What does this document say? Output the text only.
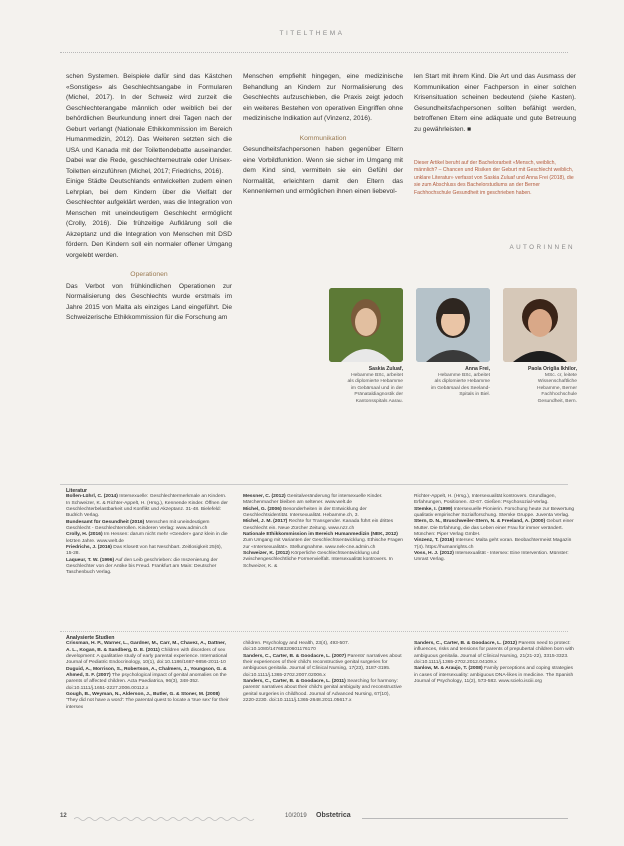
TITELTHEMA

schen Systemen. Beispiele dafür sind das Kästchen «Sonstiges» als Geschlechtsangabe in Formularen (Michel, 2017). In der Schweiz wird zurzeit die Geschlechterangabe männlich oder weiblich bei der behördlichen Beurkundung innert drei Tagen nach der Geburt verlangt (Nationale Ethikkommission im Bereich Humanmedizin, 2012). Das Weiteren setzten sich die USA und Kanada mit der Toilettendebatte auseinander. Dabei war die Rede, geschlechterneutrale oder Unisex-Toiletten einzuführen (Michel, 2017; Friedrichs, 2016).

Einige Städte Deutschlands entwickelten zudem einen Lehrplan, bei dem Kindern über die Vielfalt der Geschlechter aufgeklärt werden, was die Integration von Menschen mit uneindeutigem Geschlecht ermöglicht (Crolly, 2016). Die frühzeitige Aufklärung soll die Akzeptanz und die Integration von Menschen mit DSD fördern. Den Kindern soll ein normaler offener Umgang vorgelebt werden.

Operationen

Das Verbot von frühkindlichen Operationen zur Normalisierung des Geschlechts wurde erstmals im Jahre 2015 von Malta als einziges Land eingeführt. Die Schweizerische Ethikkommission für die Forschung am

Menschen empfiehlt hingegen, eine medizinische Behandlung an Kindern zur Normalisierung des Geschlechts aufzuschieben, die Praxis zeigt jedoch ein weiteres Bestehen von operativen Eingriffen ohne medizinische Indikation auf (Vinzenz, 2016).

Kommunikation

Gesundheitsfachpersonen haben gegenüber Eltern eine Vorbildfunktion. Wenn sie sicher im Umgang mit dem Kind sind, vermitteln sie ein Gefühl der Normalität, erleichtern damit den Eltern das Kennenlernen und ermöglichen ihnen einen liebevol-

len Start mit ihrem Kind. Die Art und das Ausmass der Kommunikation einer Fachperson in einer solchen Krisensituation scheinen bedeutend (siehe Kasten). Gesundheitsfachpersonen sollten befähigt werden, betroffenen Eltern eine adäquate und gute Betreuung zu gewährleisten. ■

Dieser Artikel beruht auf der Bachelorarbeit «Mensch, weiblich, männlich? – Chancen und Risiken der Geburt mit Geschlecht weiblich, unklare Literatur» verfasst von Saskia Zuluaf und Anna Frei (2018), die sie zum Abschluss des Bachelorstudiums an der Berner Fachhochschule Gesundheit im geschrieben haben.
AUTORINNEN
Saskia Zuluaf,
Hebamme BSc, arbeitet
als diplomierte Hebamme
im Gebärsaal und in der
Pränataldiagnostik der
Kantonsspitals Aarau.
Anna Frei,
Hebamme BSc, arbeitet
als diplomierte Hebamme
im Gebärsaal des Seeland-
Spitals in Biel.
Paola Origlia Ikhilor,
MSc. cr, leitete
Wissenschaftliche
Hebamme, Berner
Fachhochschule
Gesundheit, Bern.
Literatur

Bollen-Lührl, C. (2014) Intersexuelle: Geschlechtermerkmale an Kindern. In Schweizer, K. & Richter-Appelt, H. (Hrsg.), Kennende Kinder. Öffnen der Geschlechterbelastbarkeit und Konflikt und Akzeptanz. 31-48. Bielefeld: Budrich Verlag.

Bundesamt für Gesundheit (2016) Menschen mit uneindeutigem Geschlecht - Geschlechterrollen. Kinderen Verlag: www.admin.ch

Crolly, H. (2016) Im Hessen: darum nicht mehr «Gender» ganz klein in die letzten Jahre. www.welt.de

Friedrichs, J. (2016) Das Klosett von hat Neschbart. Zeitlosigkeit 25(6), 15-28.

Laqueur, T. W. (1996) Auf den Leib geschrieben: die Inszenierung der Geschlechter von der Antike bis Freud. Frankfurt am Main: Deutscher Taschenbuch Verlag.

Messner, C. (2012) Genitalveränderung für intersexuelle Kinder. Märchenmacher bleiben am seltener. www.welt.de

Michel, G. (2006) Besonderheiten in der Entwicklung der Geschlechtsidentität. Intersexualität. Hebamme.ch, 3.

Michel, J. M. (2017) Rechte für Transgender. Kanada führt ein drittes Geschlecht ein. Neue Zürcher Zeitung. www.nzz.ch

Nationale Ethikkommission im Bereich Humanmedizin (NEK, 2012) Zum Umgang mit Varianten der Geschlechtsentwicklung. Ethische Fragen zur «Intersexualität». Stellungnahme. www.nek-cne.admin.ch

Schweizer, K. (2012) Körperliche Geschlechtsentwicklung und zwischengeschlechtliche Formenvielfalt. Intersexualität kontrovers. In Schweizer, K. &

Richter-Appelt, H. (Hrsg.), Intersexualität kontrovers. Grundlagen, Erfahrungen, Positionen. 43-67. Gießen: Psychosozial-Verlag.

Stemke, I. (1999) Intersexuelle Pionierin. Forschung heute zur Bewertung qualitativ empirischer Sozialforschung. Stemke Gruppe. Juventa Verlag.

Stern, D. N., Bruschweiler-Stern, N. & Freeland, A. (2000) Geburt einer Mutter. Die Erfahrung, die das Leben einer Frau für immer verändert. München: Piper Verlag GmbH.

Vinzenz, T. (2016) Intersex: Malta geht voran. Beobachtermeist Magazin 7(4). https://humanrights.ch

Voss, H. J. (2012) Intersexualität - Intersex: Eine Intervention. Münster: Unrast Verlag.

Analysierte Studien

Crissman, H. P., Warner, L., Gardner, M., Carr, M., Chavez, A., Dattner, A. L., Kogan, B. & Sandberg, D. E. (2011) Children with disorders of sex development: A qualitative study of early parental experience. International Journal of Pediatric Endocrinology, 10(1), doi:10.1186/1687-9856-2011-10

Duguid, A., Morrison, S., Robertson, A., Chalmers, J., Youngson, G. & Ahmed, S. F. (2007) The psychological impact of genital anomalies on the parents of affected children. Acta Paediatrica, 96(3), 348-352. doi:10.1111/j.1651-2227.2006.00112.x

Gough, B., Weyman, N., Alderson, J., Butler, G. & Stoner, M. (2008) 'They did not have a word': The parental quest to locate a 'true sex' for their intersex

children. Psychology and Health, 23(4), 493-507. doi:10.1080/14768320601176170

Sanders, C., Carter, B. & Goodacre, L. (2007) Parents' narratives about their experiences of their child's reconstructive genital surgeries for ambiguous genitalia. Journal of Clinical Nursing, 17(23), 3187-3195. doi:10.1111/j.1365-2702.2007.02006.x

Sanders, C., Carter, B. & Goodacre, L. (2011) Searching for harmony: parents' narratives about their child's genital ambiguity and reconstructive genital surgeries in childhood. Journal of Advanced Nursing, 67(10), 2220-2230. doi:10.1111/j.1365-2648.2011.05617.x

Sanders, C., Carter, B. & Goodacre, L. (2012) Parents need to protect: influences, risks and tensions for parents of prepubertal children born with ambiguous genitalia. Journal of Clinical Nursing, 21(21-22), 3315-3323. doi:10.1111/j.1365-2702.2012.04109.x

Sanlow, M. & Araujo, T. (2008) Family perceptions and coping strategies in cases of intersexuality: ambiguous DNA-likes in medicine. The Spanish Journal of Psychology, 11(2), 573-582. www.scielo.isciii.org

12	10/2019 Obstetrica
